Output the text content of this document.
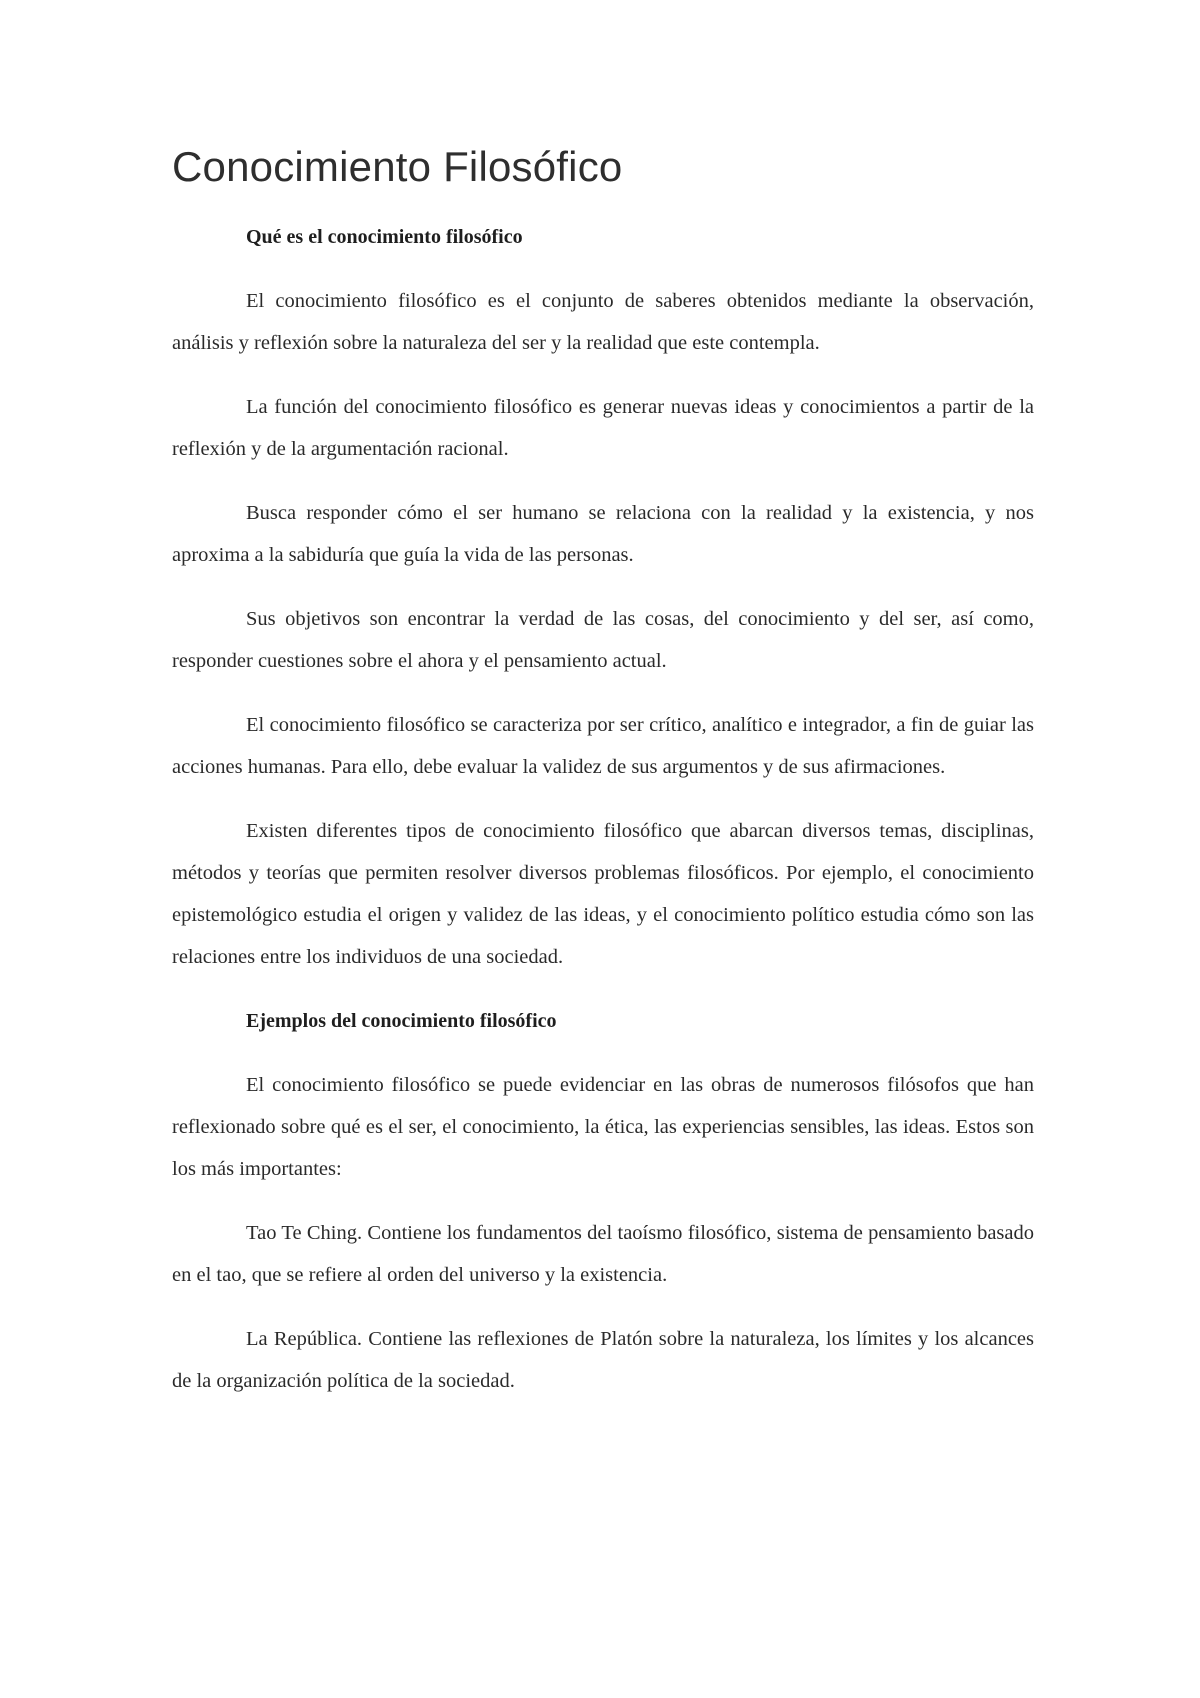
Conocimiento Filosófico
Qué es el conocimiento filosófico

El conocimiento filosófico es el conjunto de saberes obtenidos mediante la observación, análisis y reflexión sobre la naturaleza del ser y la realidad que este contempla.

La función del conocimiento filosófico es generar nuevas ideas y conocimientos a partir de la reflexión y de la argumentación racional.

Busca responder cómo el ser humano se relaciona con la realidad y la existencia, y nos aproxima a la sabiduría que guía la vida de las personas.

Sus objetivos son encontrar la verdad de las cosas, del conocimiento y del ser, así como, responder cuestiones sobre el ahora y el pensamiento actual.

El conocimiento filosófico se caracteriza por ser crítico, analítico e integrador, a fin de guiar las acciones humanas. Para ello, debe evaluar la validez de sus argumentos y de sus afirmaciones.

Existen diferentes tipos de conocimiento filosófico que abarcan diversos temas, disciplinas, métodos y teorías que permiten resolver diversos problemas filosóficos. Por ejemplo, el conocimiento epistemológico estudia el origen y validez de las ideas, y el conocimiento político estudia cómo son las relaciones entre los individuos de una sociedad.

Ejemplos del conocimiento filosófico

El conocimiento filosófico se puede evidenciar en las obras de numerosos filósofos que han reflexionado sobre qué es el ser, el conocimiento, la ética, las experiencias sensibles, las ideas. Estos son los más importantes:

Tao Te Ching. Contiene los fundamentos del taoísmo filosófico, sistema de pensamiento basado en el tao, que se refiere al orden del universo y la existencia.

La República. Contiene las reflexiones de Platón sobre la naturaleza, los límites y los alcances de la organización política de la sociedad.
